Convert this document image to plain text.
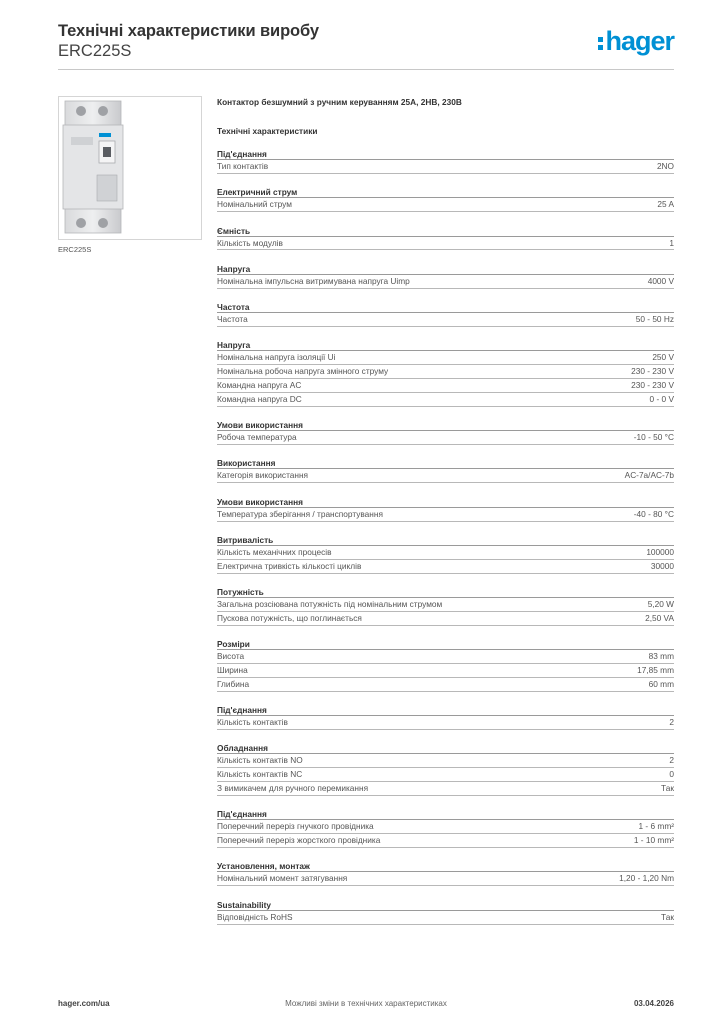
Технічні характеристики виробу
ERC225S	hager
ERC225S
Контактор безшумний з ручним керуванням 25А, 2НВ, 230В
Технічні характеристики
Під'єднання
Тип контактів	2NO
Електричний струм
Номінальний струм	25 A
Ємність
Кількість модулів	1
Напруга
Номінальна імпульсна витримувана напруга Uimp	4000 V
Частота
Частота	50 - 50 Hz
Напруга
Номінальна напруга ізоляції Ui	250 V
Номінальна робоча напруга змінного струму	230 - 230 V
Командна напруга AC	230 - 230 V
Командна напруга DC	0 - 0 V
Умови використання
Робоча температура	-10 - 50 °C
Використання
Категорія використання	AC-7a/AC-7b
Умови використання
Температура зберігання / транспортування	-40 - 80 °C
Витривалість
Кількість механічних процесів	100000
Електрична тривкість кількості циклів	30000
Потужність
Загальна розсіювана потужність під номінальним струмом	5,20 W
Пускова потужність, що поглинається	2,50 VA
Розміри
Висота	83 mm
Ширина	17,85 mm
Глибина	60 mm
Під'єднання
Кількість контактів	2
Обладнання
Кількість контактів NO	2
Кількість контактів NC	0
З вимикачем для ручного перемикання	Так
Під'єднання
Поперечний переріз гнучкого провідника	1 - 6 mm²
Поперечний переріз жорсткого провідника	1 - 10 mm²
Установлення, монтаж
Номінальний момент затягування	1,20 - 1,20 Nm
Sustainability
Відповідність RoHS	Так
Можливі зміни в технічних характеристиках
hager.com/ua	03.04.2026
